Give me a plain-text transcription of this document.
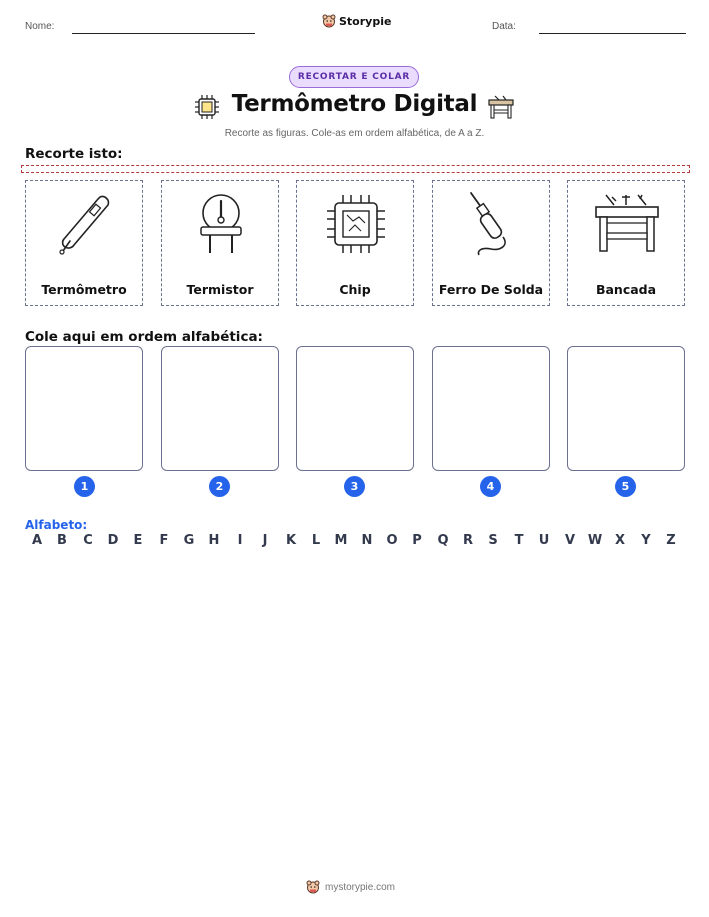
Nome:	Storypie	Data:
RECORTAR E COLAR
Termômetro Digital
Recorte as figuras. Cole-as em ordem alfabética, de A a Z.
Recorte isto:
Termômetro	Termistor	Chip	Ferro De Solda	Bancada
Cole aqui em ordem alfabética:
1	2	3	4	5
Alfabeto:
A	B	C	D	E	F	G	H	I	J	K	L	M	N	O	P	Q	R	S	T	U	V W X	Y	Z
mystorypie.com
